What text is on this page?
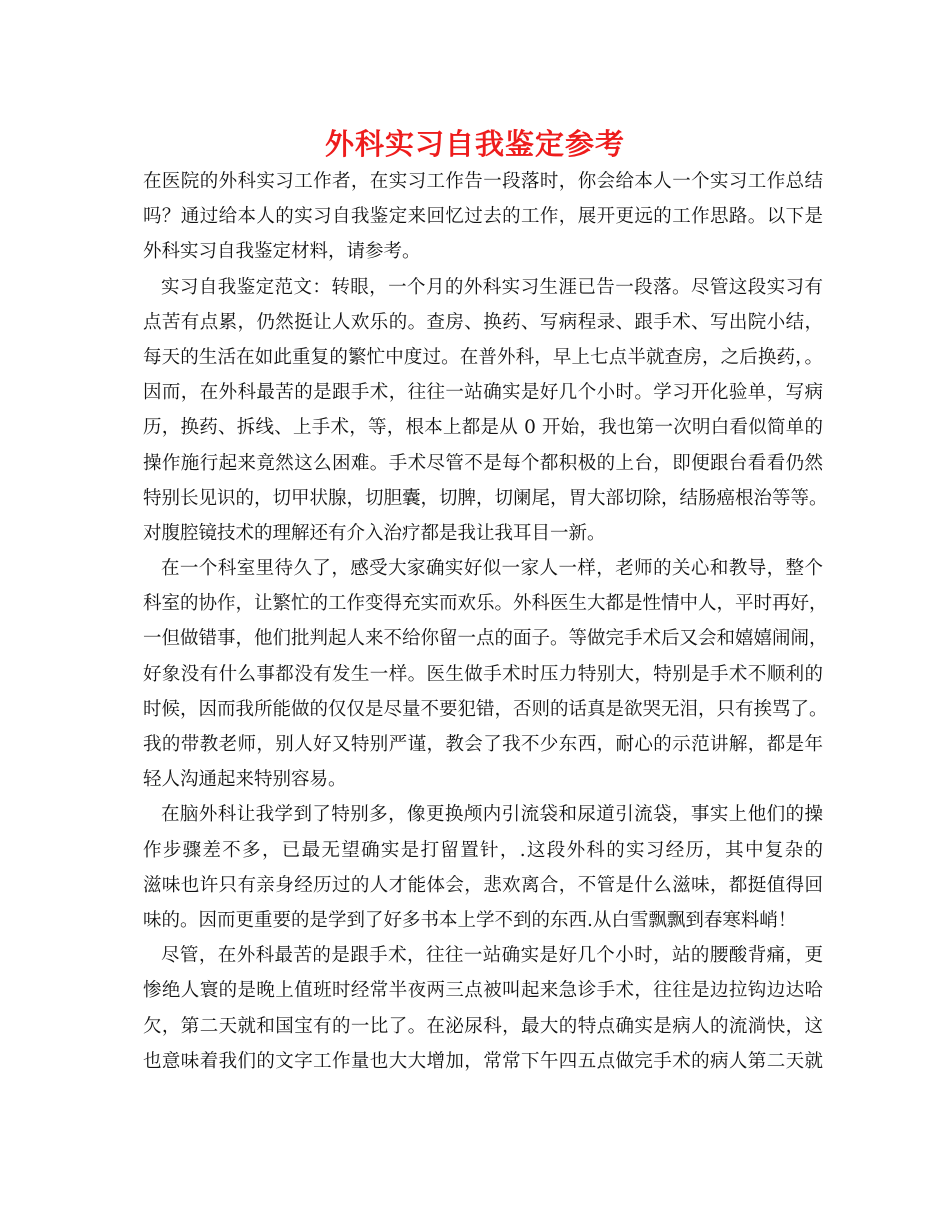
外科实习自我鉴定参考
在医院的外科实习工作者，在实习工作告一段落时，你会给本人一个实习工作总结
吗？通过给本人的实习自我鉴定来回忆过去的工作，展开更远的工作思路。以下是
外科实习自我鉴定材料，请参考。
实习自我鉴定范文：转眼，一个月的外科实习生涯已告一段落。尽管这段实习有
点苦有点累，仍然挺让人欢乐的。查房、换药、写病程录、跟手术、写出院小结，
每天的生活在如此重复的繁忙中度过。在普外科，早上七点半就查房，之后换药，。
因而，在外科最苦的是跟手术，往往一站确实是好几个小时。学习开化验单，写病
历，换药、拆线、上手术，等，根本上都是从 0 开始，我也第一次明白看似简单的
操作施行起来竟然这么困难。手术尽管不是每个都积极的上台，即便跟台看看仍然
特别长见识的，切甲状腺，切胆囊，切脾，切阑尾，胃大部切除，结肠癌根治等等。
对腹腔镜技术的理解还有介入治疗都是我让我耳目一新。
在一个科室里待久了，感受大家确实好似一家人一样，老师的关心和教导，整个
科室的协作，让繁忙的工作变得充实而欢乐。外科医生大都是性情中人，平时再好，
一但做错事，他们批判起人来不给你留一点的面子。等做完手术后又会和嬉嬉闹闹，
好象没有什么事都没有发生一样。医生做手术时压力特别大，特别是手术不顺利的
时候，因而我所能做的仅仅是尽量不要犯错，否则的话真是欲哭无泪，只有挨骂了。
我的带教老师，别人好又特别严谨，教会了我不少东西，耐心的示范讲解，都是年
轻人沟通起来特别容易。
在脑外科让我学到了特别多，像更换颅内引流袋和尿道引流袋，事实上他们的操
作步骤差不多，已最无望确实是打留置针，.这段外科的实习经历，其中复杂的
滋味也许只有亲身经历过的人才能体会，悲欢离合，不管是什么滋味，都挺值得回
味的。因而更重要的是学到了好多书本上学不到的东西.从白雪飘飘到春寒料峭！
尽管，在外科最苦的是跟手术，往往一站确实是好几个小时，站的腰酸背痛，更
惨绝人寰的是晚上值班时经常半夜两三点被叫起来急诊手术，往往是边拉钩边达哈
欠，第二天就和国宝有的一比了。在泌尿科，最大的特点确实是病人的流淌快，这
也意味着我们的文字工作量也大大增加，常常下午四五点做完手术的病人第二天就
